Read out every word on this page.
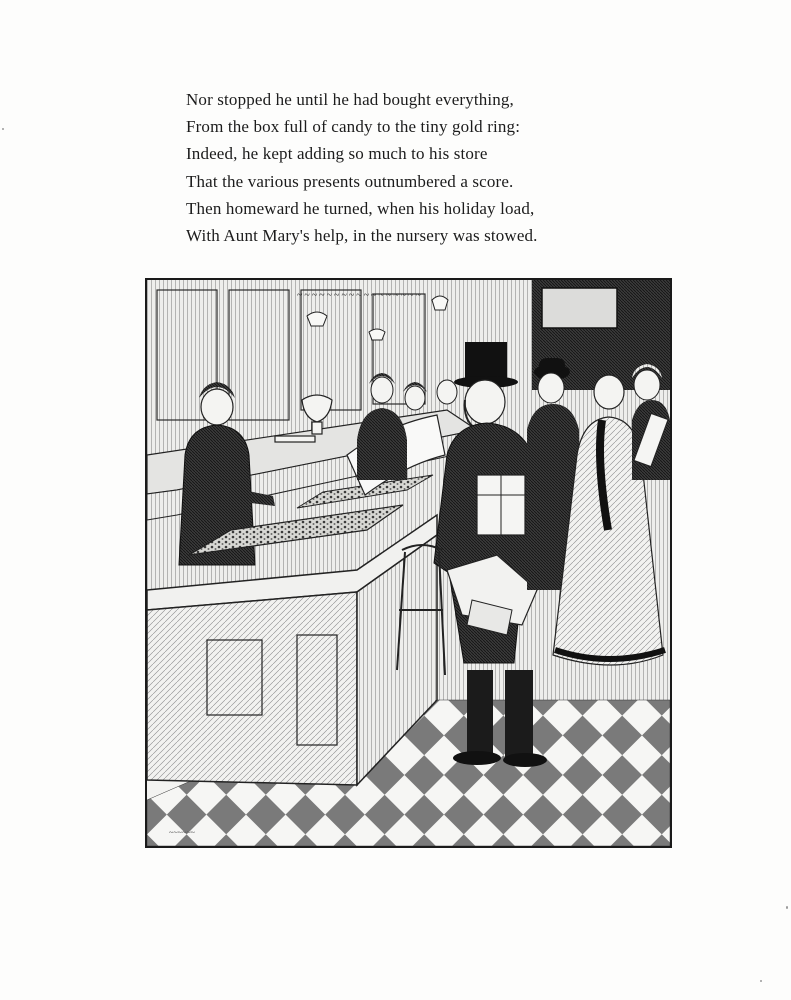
Nor stopped he until he had bought everything,
From the box full of candy to the tiny gold ring:
Indeed, he kept adding so much to his store
That the various presents outnumbered a score.
Then homeward he turned, when his holiday load,
With Aunt Mary's help, in the nursery was stowed.
~~~~~~~~~~~~~~~~~
~~~~~~
